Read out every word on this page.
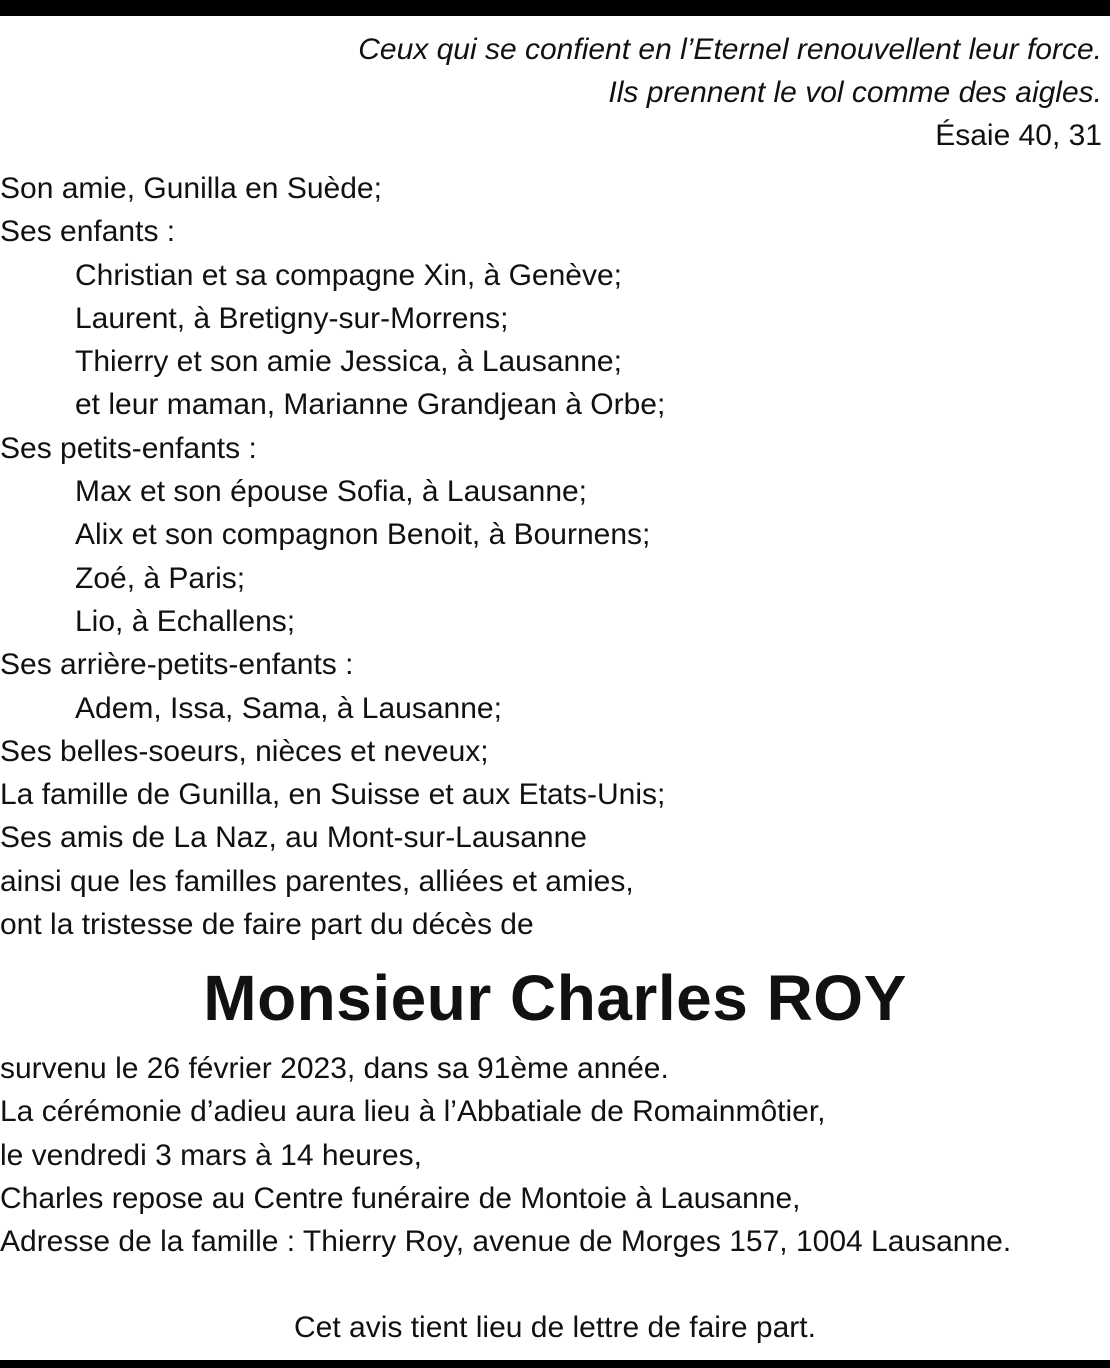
Ceux qui se confient en l’Eternel renouvellent leur force.
Ils prennent le vol comme des aigles.
Ésaie 40, 31
Son amie, Gunilla en Suède;
Ses enfants :
Christian et sa compagne Xin, à Genève;
Laurent, à Bretigny-sur-Morrens;
Thierry et son amie Jessica, à Lausanne;
et leur maman, Marianne Grandjean à Orbe;
Ses petits-enfants :
Max et son épouse Sofia, à Lausanne;
Alix et son compagnon Benoit, à Bournens;
Zoé, à Paris;
Lio, à Echallens;
Ses arrière-petits-enfants :
Adem, Issa, Sama, à Lausanne;
Ses belles-soeurs, nièces et neveux;
La famille de Gunilla, en Suisse et aux Etats-Unis;
Ses amis de La Naz, au Mont-sur-Lausanne
ainsi que les familles parentes, alliées et amies,
ont la tristesse de faire part du décès de
Monsieur Charles ROY
survenu le 26 février 2023, dans sa 91ème année.
La cérémonie d’adieu aura lieu à l’Abbatiale de Romainmôtier,
le vendredi 3 mars à 14 heures,
Charles repose au Centre funéraire de Montoie à Lausanne,
Adresse de la famille : Thierry Roy, avenue de Morges 157, 1004 Lausanne.
Cet avis tient lieu de lettre de faire part.
